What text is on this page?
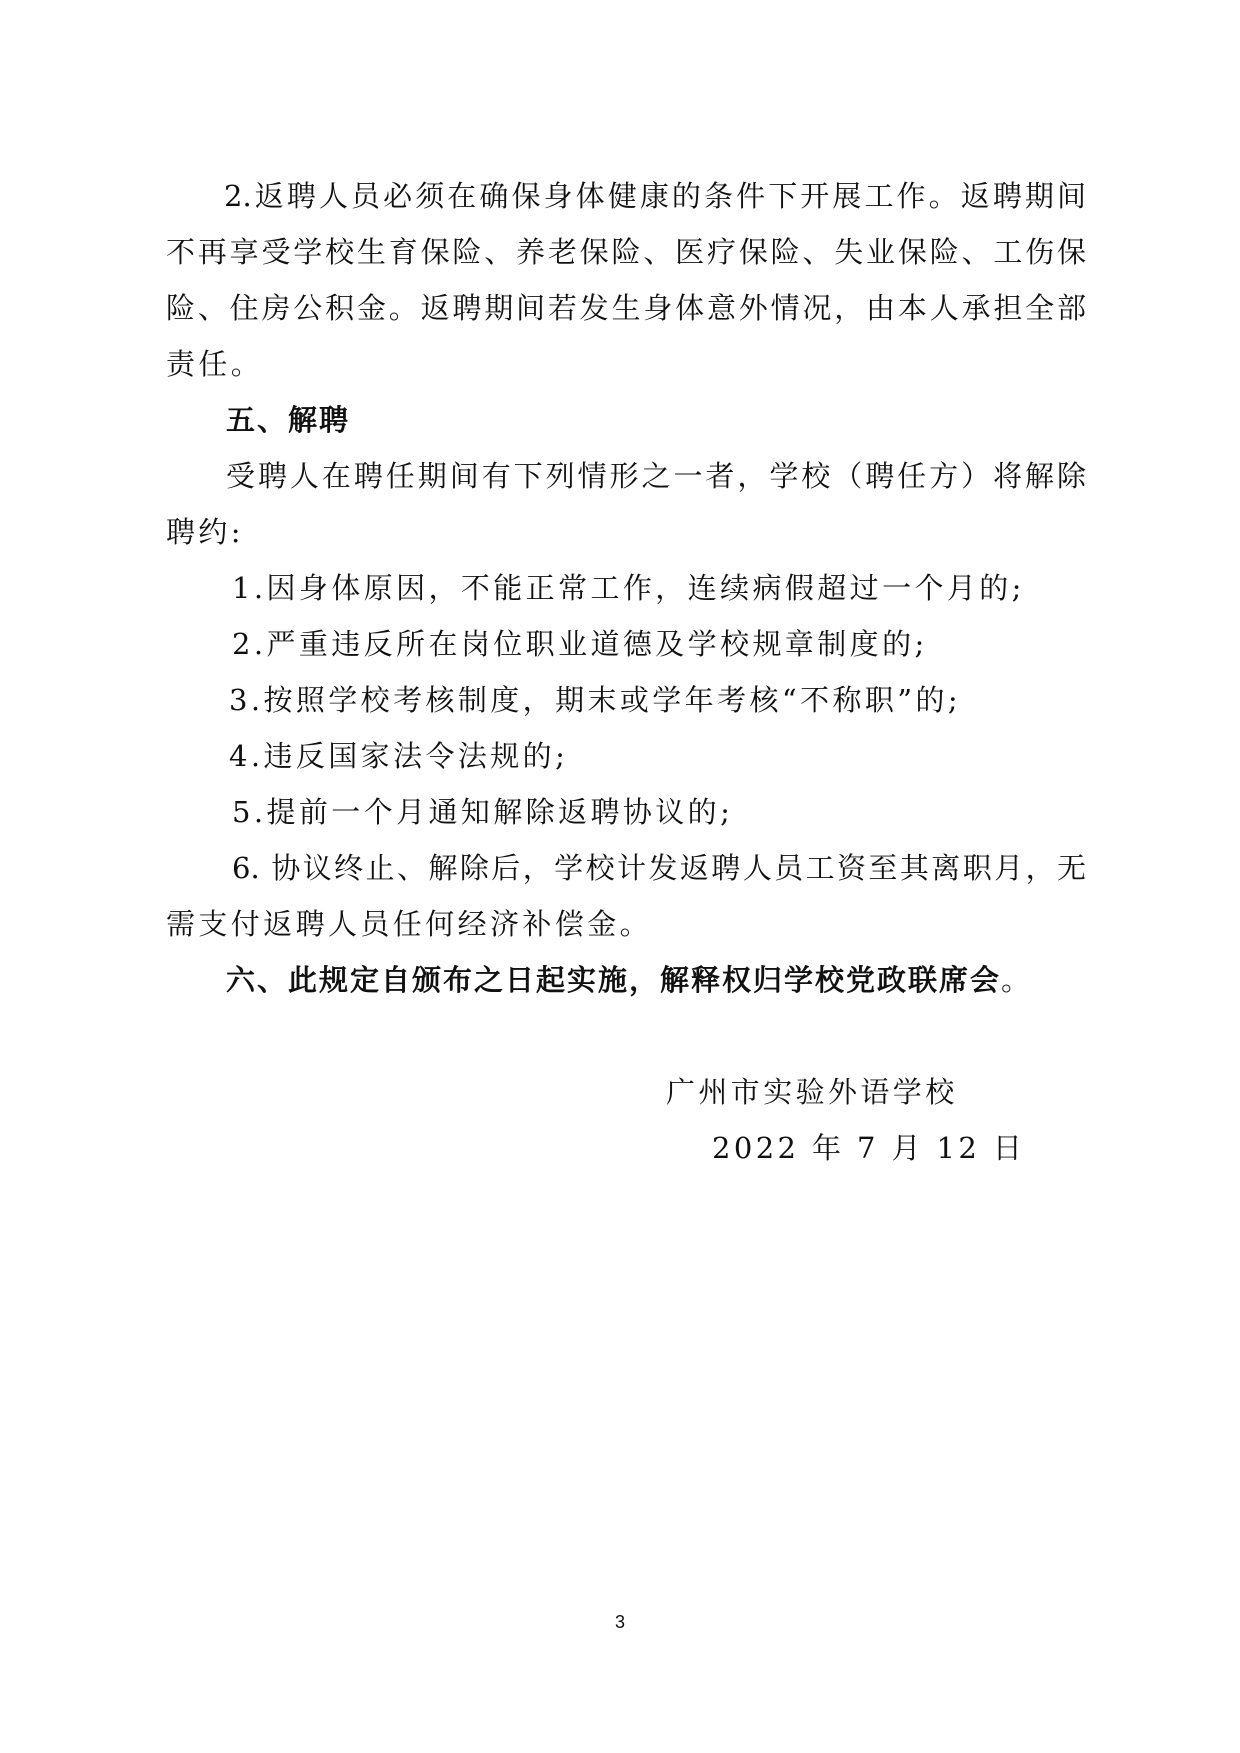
2.返聘人员必须在确保身体健康的条件下开展工作。返聘期间
不再享受学校生育保险、养老保险、医疗保险、失业保险、工伤保
险、住房公积金。返聘期间若发生身体意外情况，由本人承担全部
责任。
五、解聘
受聘人在聘任期间有下列情形之一者，学校（聘任方）将解除
聘约:
1.因身体原因，不能正常工作，连续病假超过一个月的;
2.严重违反所在岗位职业道德及学校规章制度的;
3.按照学校考核制度，期末或学年考核“不称职”的;
4.违反国家法令法规的;
5.提前一个月通知解除返聘协议的;
6. 协议终止、解除后，学校计发返聘人员工资至其离职月，无
需支付返聘人员任何经济补偿金。
六、此规定自颁布之日起实施，解释权归学校党政联席会。
广州市实验外语学校
2022 年 7 月 12 日
3
